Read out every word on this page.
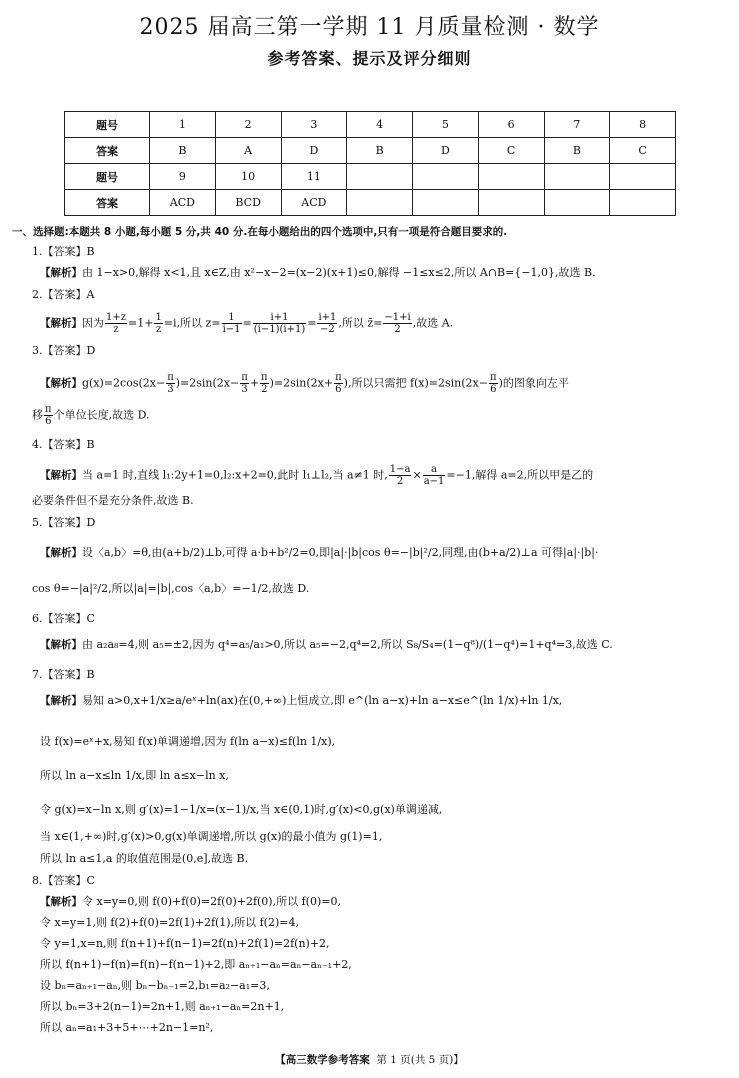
2025 届高三第一学期 11 月质量检测 · 数学
参考答案、提示及评分细则
题号	1	2	3	4	5	6	7	8
答案	B	A	D	B	D	C	B	C
题号	9	10	11					
答案	ACD	BCD	ACD					
一、选择题:本题共 8 小题,每小题 5 分,共 40 分.在每小题给出的四个选项中,只有一项是符合题目要求的.
1.【答案】B
【解析】由 1−x>0,解得 x<1,且 x∈Z,由 x²−x−2=(x−2)(x+1)≤0,解得 −1≤x≤2,所以 A∩B={−1,0},故选 B.
2.【答案】A
【解析】因为 $\frac{1+z}{z} =1+ \frac{1}{z} =i$,所以 $z= \frac{1}{i-1} = \frac{i+1}{(i-1)(i+1)} = \frac{i+1}{-2}$ ,所以 z̄= $\frac{-1+i}{2}$ ,故选 A.
3.【答案】D
【解析】$g(x)=2\cos(2x- \frac{\pi}{3} )=2\sin(2x- \frac{\pi}{3} + \frac{\pi}{2} )=2\sin(2x+ \frac{\pi}{6}$ ),所以只需把 $f(x)=2\sin(2x- \frac{\pi}{6}$ )的图象向左平
移 $\frac{\pi}{6}$ 个单位长度,故选 D.
4.【答案】B
【解析】当 a=1 时,直线 l₁:2y+1=0,l₂:x+2=0,此时 l₁⊥l₂,当 a≠1 时, $\frac{1-a}{2} \times \frac{a}{a-1} =-1$,解得 a=2,所以甲是乙的
必要条件但不是充分条件,故选 B.
5.【答案】D
【解析】设〈a,b〉=θ,由(a+b/2)⊥b,可得 a·b+b²/2=0,即|a|·|b|cos θ=−|b|²/2,同理,由(b+a/2)⊥a 可得|a|·|b|·
cos θ=−|a|²/2,所以|a|=|b|,cos〈a,b〉=−1/2,故选 D.
6.【答案】C
【解析】由 a₂a₈=4,则 a₅=±2,因为 q⁴=a₅/a₁>0,所以 a₅=−2,q⁴=2,所以 S₈/S₄=(1−q⁸)/(1−q⁴)=1+q⁴=3,故选 C.
7.【答案】B
【解析】易知 a>0,x+1/x≥a/eˣ+ln(ax)在(0,+∞)上恒成立,即 e^(ln a−x)+ln a−x≤e^(ln 1/x)+ln 1/x,
设 f(x)=eˣ+x,易知 f(x)单调递增,因为 f(ln a−x)≤f(ln 1/x),
所以 ln a−x≤ln 1/x,即 ln a≤x−ln x,
令 g(x)=x−ln x,则 g′(x)=1−1/x=(x−1)/x,当 x∈(0,1)时,g′(x)<0,g(x)单调递减,
当 x∈(1,+∞)时,g′(x)>0,g(x)单调递增,所以 g(x)的最小值为 g(1)=1,
所以 ln a≤1,a 的取值范围是(0,e],故选 B.
8.【答案】C
【解析】令 x=y=0,则 f(0)+f(0)=2f(0)+2f(0),所以 f(0)=0,
令 x=y=1,则 f(2)+f(0)=2f(1)+2f(1),所以 f(2)=4,
令 y=1,x=n,则 f(n+1)+f(n−1)=2f(n)+2f(1)=2f(n)+2,
所以 f(n+1)−f(n)=f(n)−f(n−1)+2,即 aₙ₊₁−aₙ=aₙ−aₙ₋₁+2,
设 bₙ=aₙ₊₁−aₙ,则 bₙ−bₙ₋₁=2,b₁=a₂−a₁=3,
所以 bₙ=3+2(n−1)=2n+1,则 aₙ₊₁−aₙ=2n+1,
所以 aₙ=a₁+3+5+⋯+2n−1=n²,
【高三数学参考答案 第 1 页(共 5 页)】
